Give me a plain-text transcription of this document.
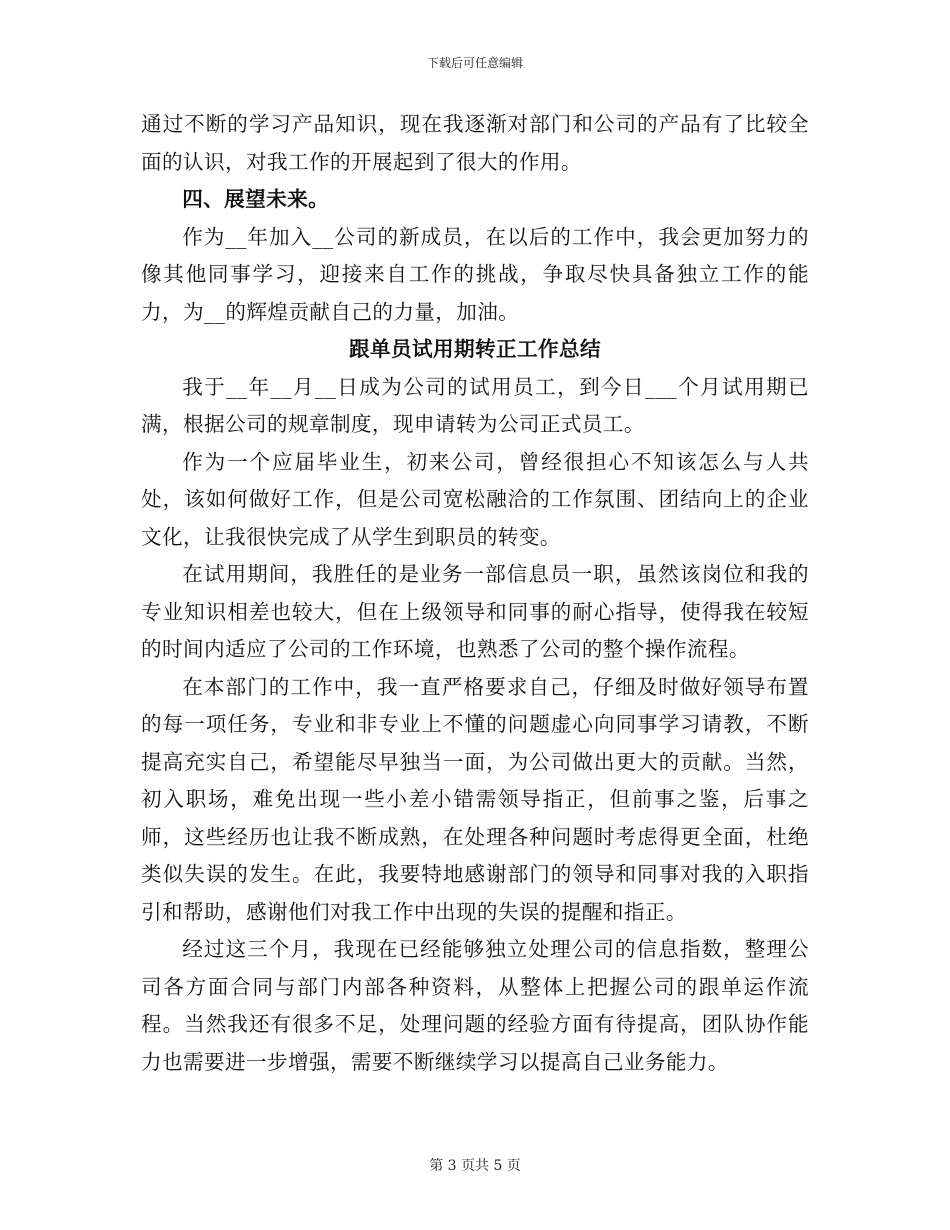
下载后可任意编辑

通过不断的学习产品知识，现在我逐渐对部门和公司的产品有了比较全面的认识，对我工作的开展起到了很大的作用。

四、展望未来。

作为__年加入__公司的新成员，在以后的工作中，我会更加努力的像其他同事学习，迎接来自工作的挑战，争取尽快具备独立工作的能力，为__的辉煌贡献自己的力量，加油。

跟单员试用期转正工作总结

我于__年__月__日成为公司的试用员工，到今日___个月试用期已满，根据公司的规章制度，现申请转为公司正式员工。

作为一个应届毕业生，初来公司，曾经很担心不知该怎么与人共处，该如何做好工作，但是公司宽松融洽的工作氛围、团结向上的企业文化，让我很快完成了从学生到职员的转变。

在试用期间，我胜任的是业务一部信息员一职，虽然该岗位和我的专业知识相差也较大，但在上级领导和同事的耐心指导，使得我在较短的时间内适应了公司的工作环境，也熟悉了公司的整个操作流程。

在本部门的工作中，我一直严格要求自己，仔细及时做好领导布置的每一项任务，专业和非专业上不懂的问题虚心向同事学习请教，不断提高充实自己，希望能尽早独当一面，为公司做出更大的贡献。当然，初入职场，难免出现一些小差小错需领导指正，但前事之鉴，后事之师，这些经历也让我不断成熟，在处理各种问题时考虑得更全面，杜绝类似失误的发生。在此，我要特地感谢部门的领导和同事对我的入职指引和帮助，感谢他们对我工作中出现的失误的提醒和指正。

经过这三个月，我现在已经能够独立处理公司的信息指数，整理公司各方面合同与部门内部各种资料，从整体上把握公司的跟单运作流程。当然我还有很多不足，处理问题的经验方面有待提高，团队协作能力也需要进一步增强，需要不断继续学习以提高自己业务能力。

第 3 页共 5 页
